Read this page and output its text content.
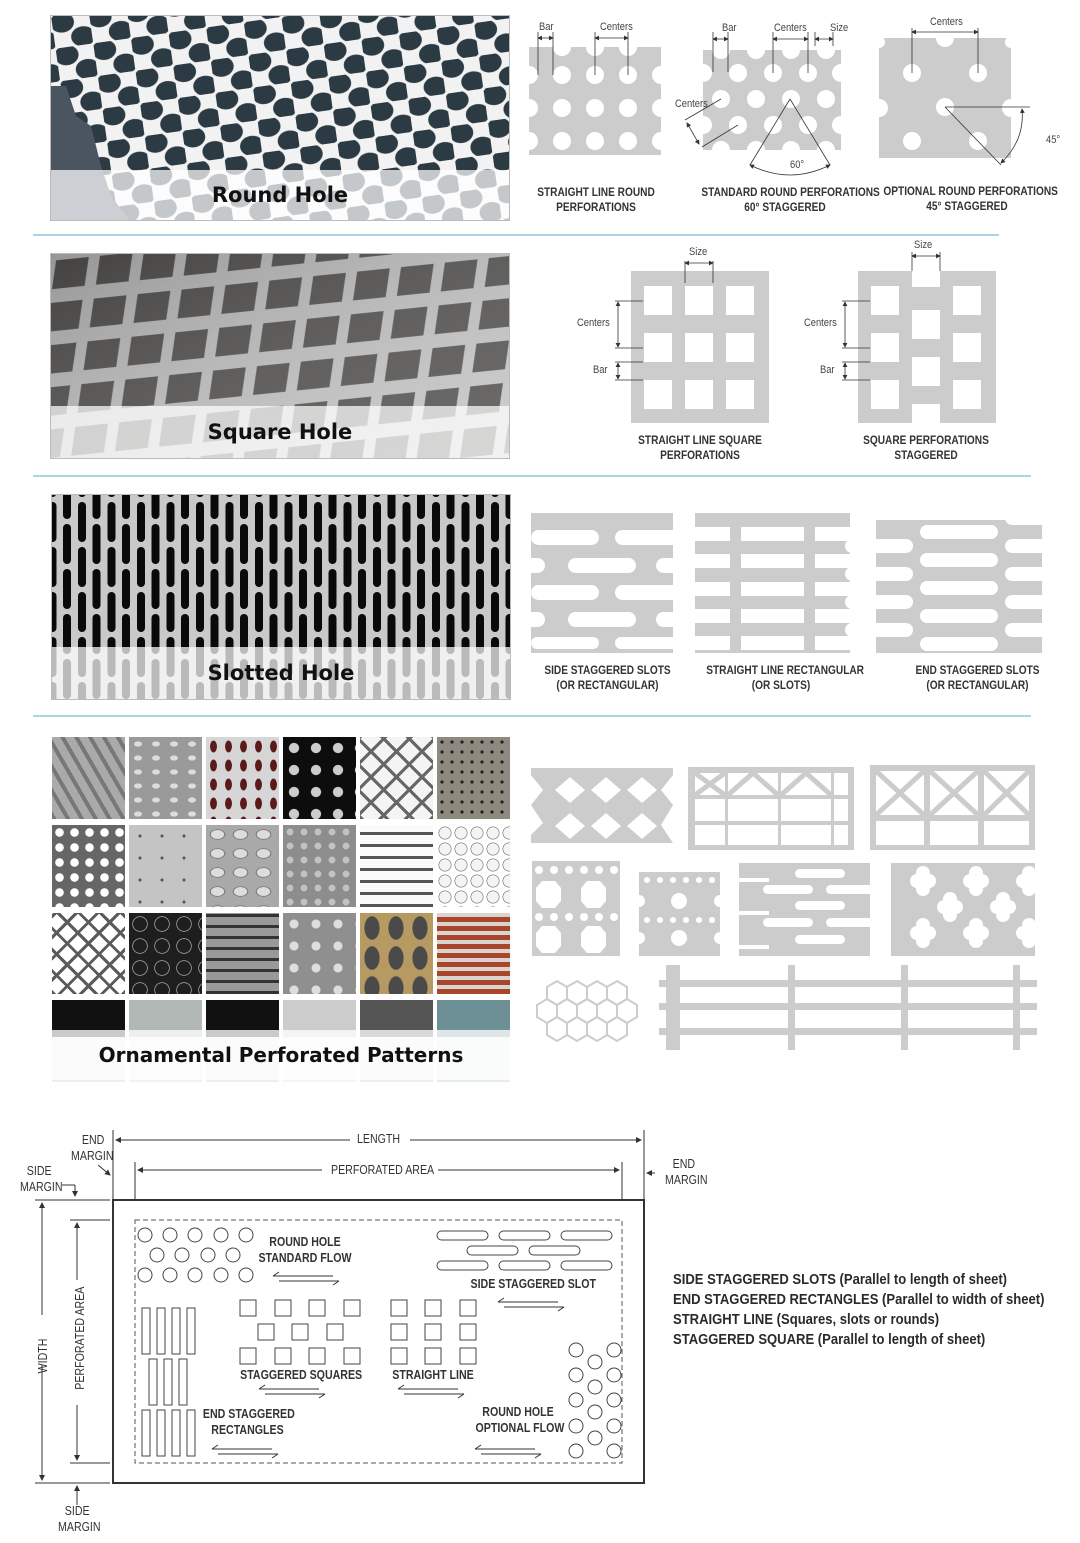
Round Hole
Bar	Centers	Bar	Centers Size
Centers
60°
Centers
45°
STRAIGHT LINE ROUND
PERFORATIONS
STANDARD ROUND PERFORATIONS
60° STAGGERED
OPTIONAL ROUND PERFORATIONS
45° STAGGERED
Square Hole
Size
Centers
Bar
Size
Centers
Bar
STRAIGHT LINE SQUARE
PERFORATIONS
SQUARE PERFORATIONS
STAGGERED
Slotted Hole	SIDE STAGGERED SLOTS
(OR RECTANGULAR)
STRAIGHT LINE RECTANGULAR
(OR SLOTS)
END STAGGERED SLOTS
(OR RECTANGULAR)
Ornamental Perforated Patterns
LENGTH
PERFORATED AREA
END
MARGIN
END
MARGIN
SIDE
MARGIN
SIDE
MARGIN
WIDTH PERFORATED AREA
ROUND HOLE
STANDARD FLOW
SIDE STAGGERED SLOT
STAGGERED SQUARES STRAIGHT LINE
END STAGGERED
RECTANGLES
ROUND HOLE
OPTIONAL FLOW
SIDE STAGGERED SLOTS (Parallel to length of sheet)
END STAGGERED RECTANGLES (Parallel to width of sheet)
STRAIGHT LINE (Squares, slots or rounds)
STAGGERED SQUARE (Parallel to length of sheet)
